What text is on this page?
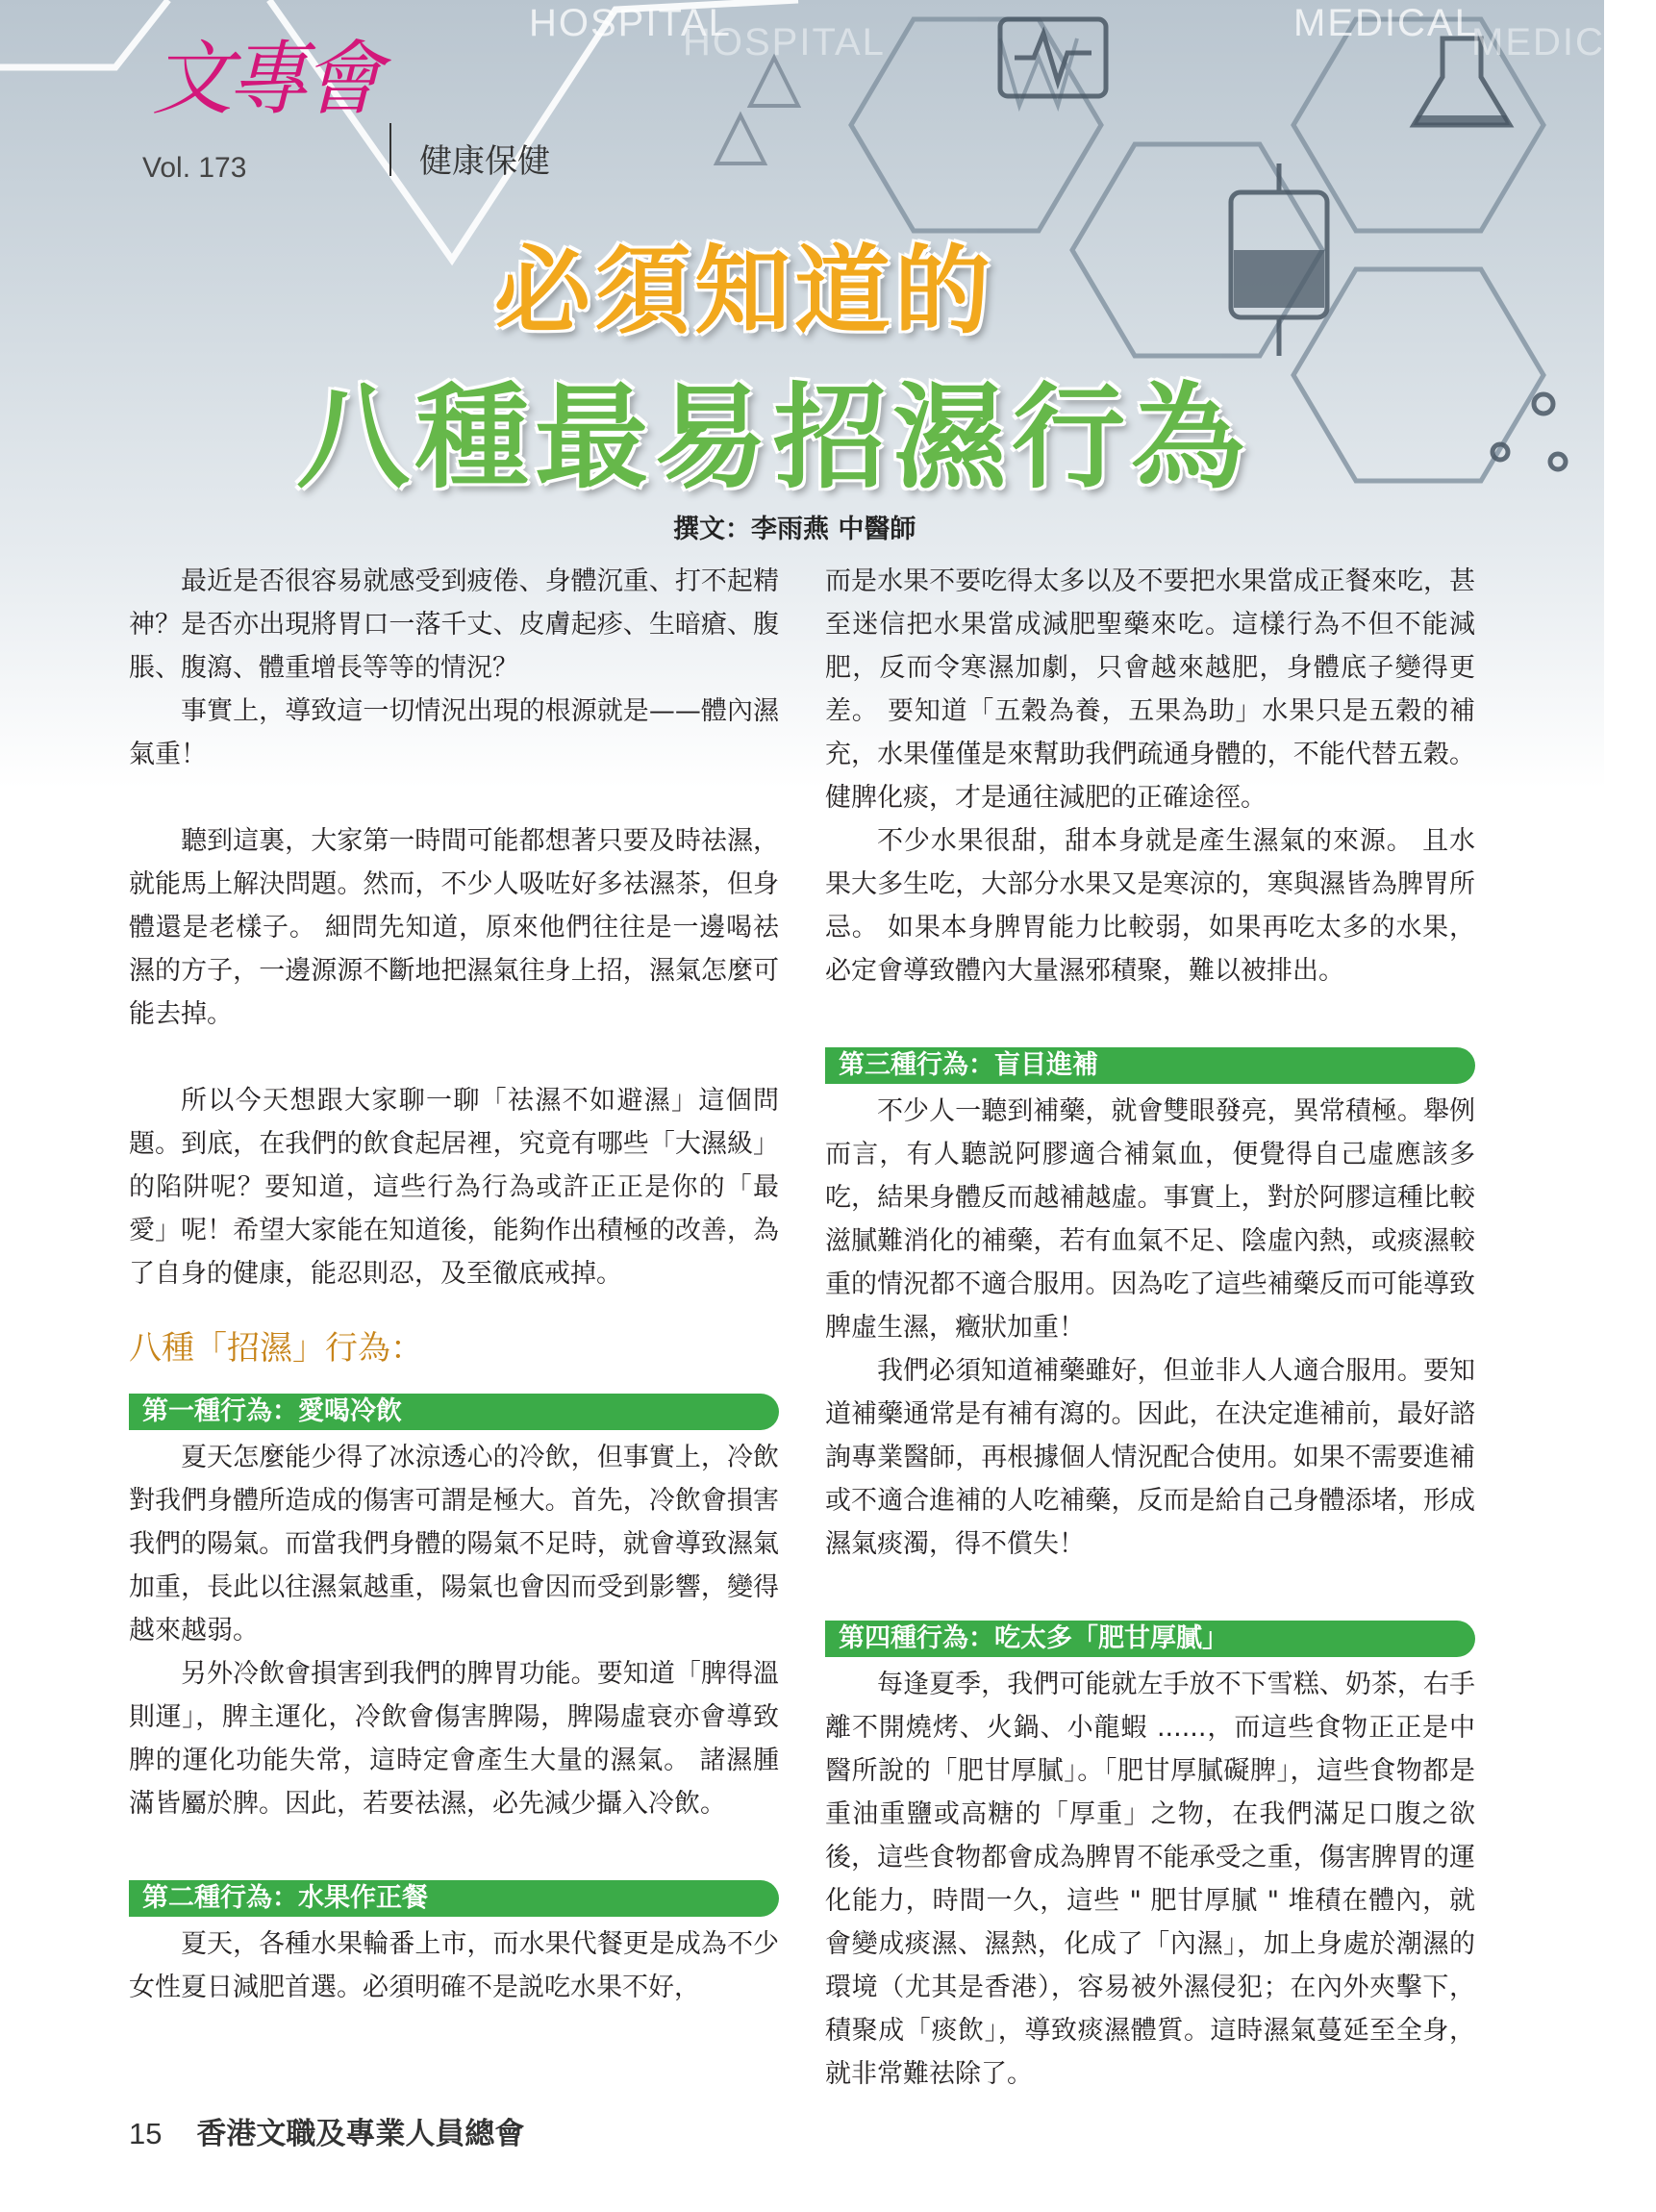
HOSPITAL
HOSPITAL	MEDICAL
MEDICAL
文專會
Vol. 173	健康保健
必須知道的
八種最易招濕行為
撰文：李雨燕 中醫師

最近是否很容易就感受到疲倦、身體沉重、打不起精神？是否亦出現將胃口一落千丈、皮膚起疹、生暗瘡、腹脹、腹瀉、體重增長等等的情況？

事實上，導致這一切情況出現的根源就是——體內濕氣重！

聽到這裏，大家第一時間可能都想著只要及時祛濕，就能馬上解決問題。然而，不少人吸咗好多祛濕茶，但身體還是老樣子。 細問先知道，原來他們往往是一邊喝祛濕的方子，一邊源源不斷地把濕氣往身上招，濕氣怎麼可能去掉。

所以今天想跟大家聊一聊「祛濕不如避濕」這個問題。到底，在我們的飲食起居裡，究竟有哪些「大濕級」的陷阱呢？要知道，這些行為行為或許正正是你的「最愛」呢！希望大家能在知道後，能夠作出積極的改善，為了自身的健康，能忍則忍，及至徹底戒掉。

八種「招濕」行為：
第一種行為：愛喝冷飲

夏天怎麼能少得了冰涼透心的冷飲，但事實上，冷飲對我們身體所造成的傷害可謂是極大。首先，冷飲會損害我們的陽氣。而當我們身體的陽氣不足時，就會導致濕氣加重，長此以往濕氣越重，陽氣也會因而受到影響，變得越來越弱。

另外冷飲會損害到我們的脾胃功能。要知道「脾得溫則運」，脾主運化，冷飲會傷害脾陽，脾陽虛衰亦會導致脾的運化功能失常，這時定會產生大量的濕氣。 諸濕腫滿皆屬於脾。因此，若要祛濕，必先減少攝入冷飲。

第二種行為：水果作正餐

夏天，各種水果輪番上市，而水果代餐更是成為不少女性夏日減肥首選。必須明確不是説吃水果不好，

而是水果不要吃得太多以及不要把水果當成正餐來吃，甚至迷信把水果當成減肥聖藥來吃。這樣行為不但不能減肥，反而令寒濕加劇，只會越來越肥，身體底子變得更差。 要知道「五穀為養，五果為助」水果只是五穀的補充，水果僅僅是來幫助我們疏通身體的，不能代替五穀。健脾化痰，才是通往減肥的正確途徑。

不少水果很甜，甜本身就是產生濕氣的來源。 且水果大多生吃，大部分水果又是寒涼的，寒與濕皆為脾胃所忌。 如果本身脾胃能力比較弱，如果再吃太多的水果，必定會導致體內大量濕邪積聚，難以被排出。

第三種行為：盲目進補

不少人一聽到補藥，就會雙眼發亮，異常積極。舉例而言，有人聽説阿膠適合補氣血，便覺得自己虛應該多吃，結果身體反而越補越虛。事實上，對於阿膠這種比較滋膩難消化的補藥，若有血氣不足、陰虛內熱，或痰濕較重的情況都不適合服用。因為吃了這些補藥反而可能導致脾虛生濕，癥狀加重！

我們必須知道補藥雖好，但並非人人適合服用。要知道補藥通常是有補有瀉的。因此，在決定進補前，最好諮詢專業醫師，再根據個人情況配合使用。如果不需要進補或不適合進補的人吃補藥，反而是給自己身體添堵，形成濕氣痰濁，得不償失！

第四種行為：吃太多「肥甘厚膩」

每逢夏季，我們可能就左手放不下雪糕、奶茶，右手離不開燒烤、火鍋、小龍蝦 ......，而這些食物正正是中醫所說的「肥甘厚膩」。「肥甘厚膩礙脾」，這些食物都是重油重鹽或高糖的「厚重」之物，在我們滿足口腹之欲後，這些食物都會成為脾胃不能承受之重，傷害脾胃的運化能力，時間一久，這些 " 肥甘厚膩 " 堆積在體內，就會變成痰濕、濕熱，化成了「內濕」，加上身處於潮濕的環境（尤其是香港），容易被外濕侵犯；在內外夾擊下，積聚成「痰飲」，導致痰濕體質。這時濕氣蔓延至全身，就非常難祛除了。

15 香港文職及專業人員總會
